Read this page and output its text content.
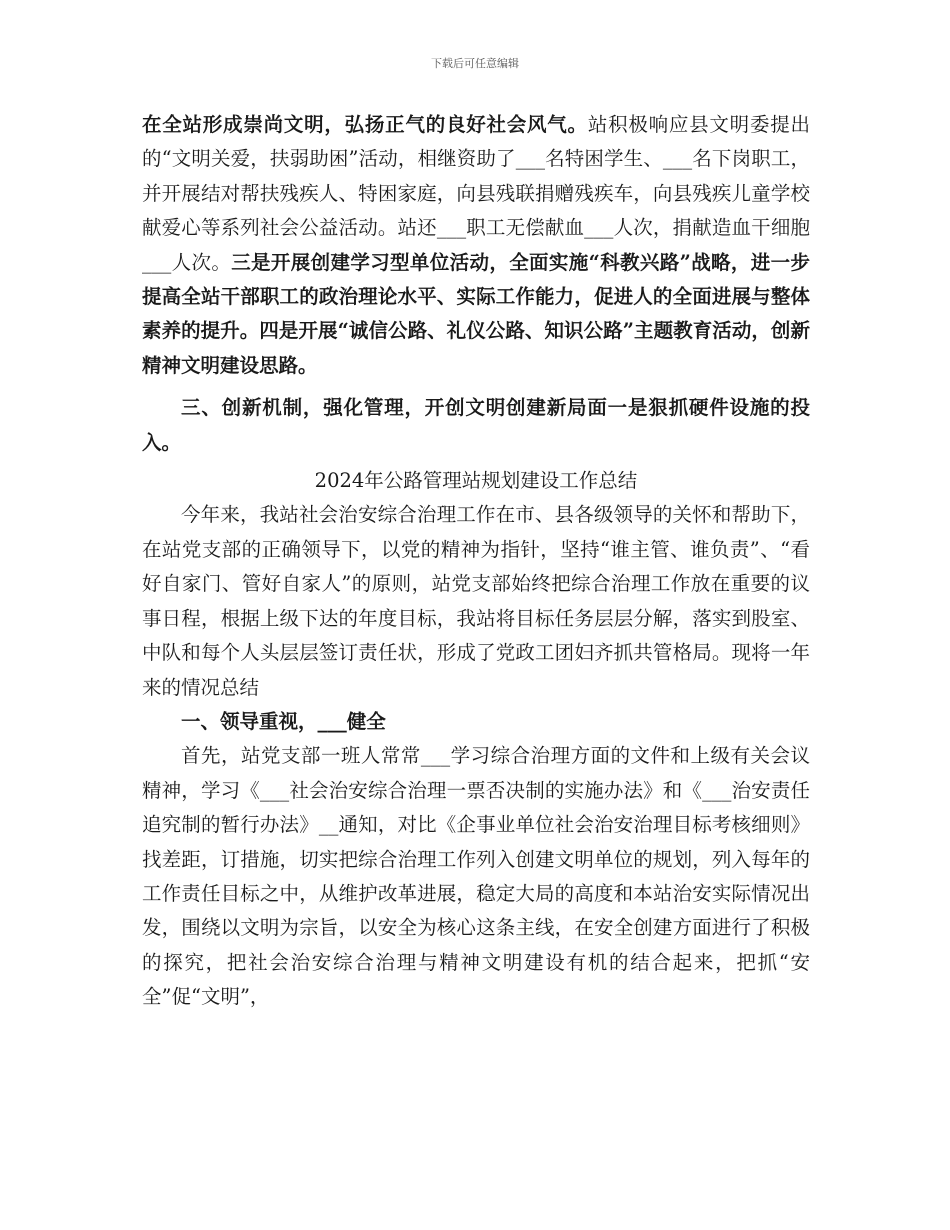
下载后可任意编辑

在全站形成崇尚文明，弘扬正气的良好社会风气。站积极响应县文明委提出的“文明关爱，扶弱助困”活动，相继资助了___名特困学生、___名下岗职工，并开展结对帮扶残疾人、特困家庭，向县残联捐赠残疾车，向县残疾儿童学校献爱心等系列社会公益活动。站还___职工无偿献血___人次，捐献造血干细胞___人次。三是开展创建学习型单位活动，全面实施“科教兴路”战略，进一步提高全站干部职工的政治理论水平、实际工作能力，促进人的全面进展与整体素养的提升。四是开展“诚信公路、礼仪公路、知识公路”主题教育活动，创新精神文明建设思路。

三、创新机制，强化管理，开创文明创建新局面一是狠抓硬件设施的投入。

2024年公路管理站规划建设工作总结

今年来，我站社会治安综合治理工作在市、县各级领导的关怀和帮助下，在站党支部的正确领导下，以党的精神为指针，坚持“谁主管、谁负责”、“看好自家门、管好自家人”的原则，站党支部始终把综合治理工作放在重要的议事日程，根据上级下达的年度目标，我站将目标任务层层分解，落实到股室、中队和每个人头层层签订责任状，形成了党政工团妇齐抓共管格局。现将一年来的情况总结

一、领导重视，___健全

首先，站党支部一班人常常___学习综合治理方面的文件和上级有关会议精神，学习《___社会治安综合治理一票否决制的实施办法》和《___治安责任追究制的暂行办法》__通知，对比《企事业单位社会治安治理目标考核细则》找差距，订措施，切实把综合治理工作列入创建文明单位的规划，列入每年的工作责任目标之中，从维护改革进展，稳定大局的高度和本站治安实际情况出发，围绕以文明为宗旨，以安全为核心这条主线，在安全创建方面进行了积极的探究，把社会治安综合治理与精神文明建设有机的结合起来，把抓“安全”促“文明”，
